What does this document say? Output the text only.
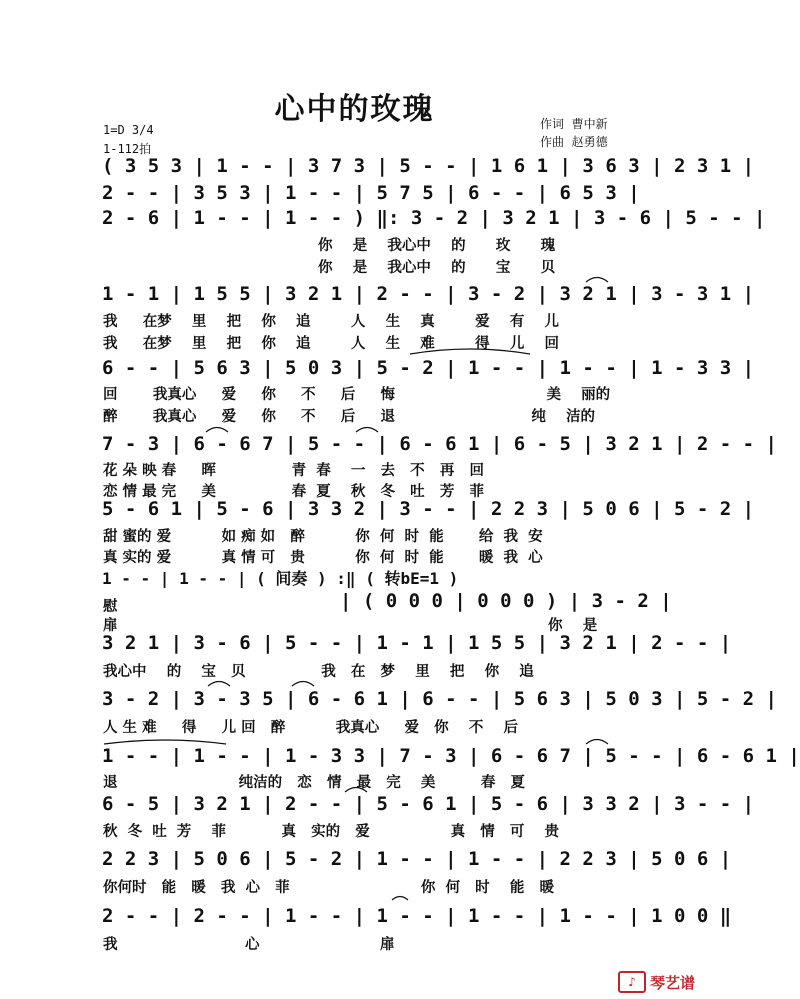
心中的玫瑰
1=D 3/4
1-112拍
作词  曹中新
作曲  赵勇德
( 3 5 3 | 1 - - | 3 7 3 | 5 - - | 1 6 1 | 3 6 3 | 2 3 1 |
2 - - | 3 5 3 | 1 - - | 5 7 5 | 6 - - | 6 5 3 |
2 - 6 | 1 - - | 1 - - ) ‖: 3 - 2 | 3 2 1 | 3 - 6 | 5 - - |
1 - 1 | 1 5 5 | 3 2 1 | 2 - - | 3 - 2 | 3 2 1 | 3 - 3 1 |
6 - - | 5 6 3 | 5 0 3 | 5 - 2 | 1 - - | 1 - - | 1 - 3 3 |
7 - 3 | 6 - 6 7 | 5 - - | 6 - 6 1 | 6 - 5 | 3 2 1 | 2 - - |
5 - 6 1 | 5 - 6 | 3 3 2 | 3 - - | 2 2 3 | 5 0 6 | 5 - 2 |
1 - - | 1 - - | ( 间奏 ) :‖ ( 转bE=1 )
| ( 0 0 0 | 0 0 0 ) | 3 - 2 |
3 2 1 | 3 - 6 | 5 - - | 1 - 1 | 1 5 5 | 3 2 1 | 2 - - |
3 - 2 | 3 - 3 5 | 6 - 6 1 | 6 - - | 5 6 3 | 5 0 3 | 5 - 2 |
1 - - | 1 - - | 1 - 3 3 | 7 - 3 | 6 - 6 7 | 5 - - | 6 - 6 1 |
6 - 5 | 3 2 1 | 2 - - | 5 - 6 1 | 5 - 6 | 3 3 2 | 3 - - |
2 2 3 | 5 0 6 | 5 - 2 | 1 - - | 1 - - | 2 2 3 | 5 0 6 |
2 - - | 2 - - | 1 - - | 1 - - | 1 - - | 1 - - | 1 0 0 ‖
你    是    我心中    的      玫      瑰
你    是    我心中    的      宝      贝
我     在梦    里    把    你    追        人    生    真        爱    有    儿
我     在梦    里    把    你    追        人    生    难        得    儿    回
回       我真心     爱     你     不     后     悔                              美    丽的
醉       我真心     爱     你     不     后     退                           纯    洁的
花 朵 映 春     晖               青  春    一   去   不   再   回
恋 情 最 完     美               春  夏    秋   冬   吐   芳   菲
甜 蜜的 爱          如 痴 如   醉          你  何  时  能       给  我  安
真 实的 爱          真 情 可   贵          你  何  时  能       暖  我  心
慰
扉	你    是
我心中    的    宝   贝               我   在   梦    里    把    你    追
人 生 难     得     儿 回   醉          我真心     爱   你    不    后
退                        纯洁的   恋   情   最   完    美         春   夏
秋  冬  吐  芳    菲           真   实的   爱                真   情   可    贵
你何时   能   暖   我  心   菲                          你  何   时    能   暖
我	心	扉
♪ 琴艺谱
